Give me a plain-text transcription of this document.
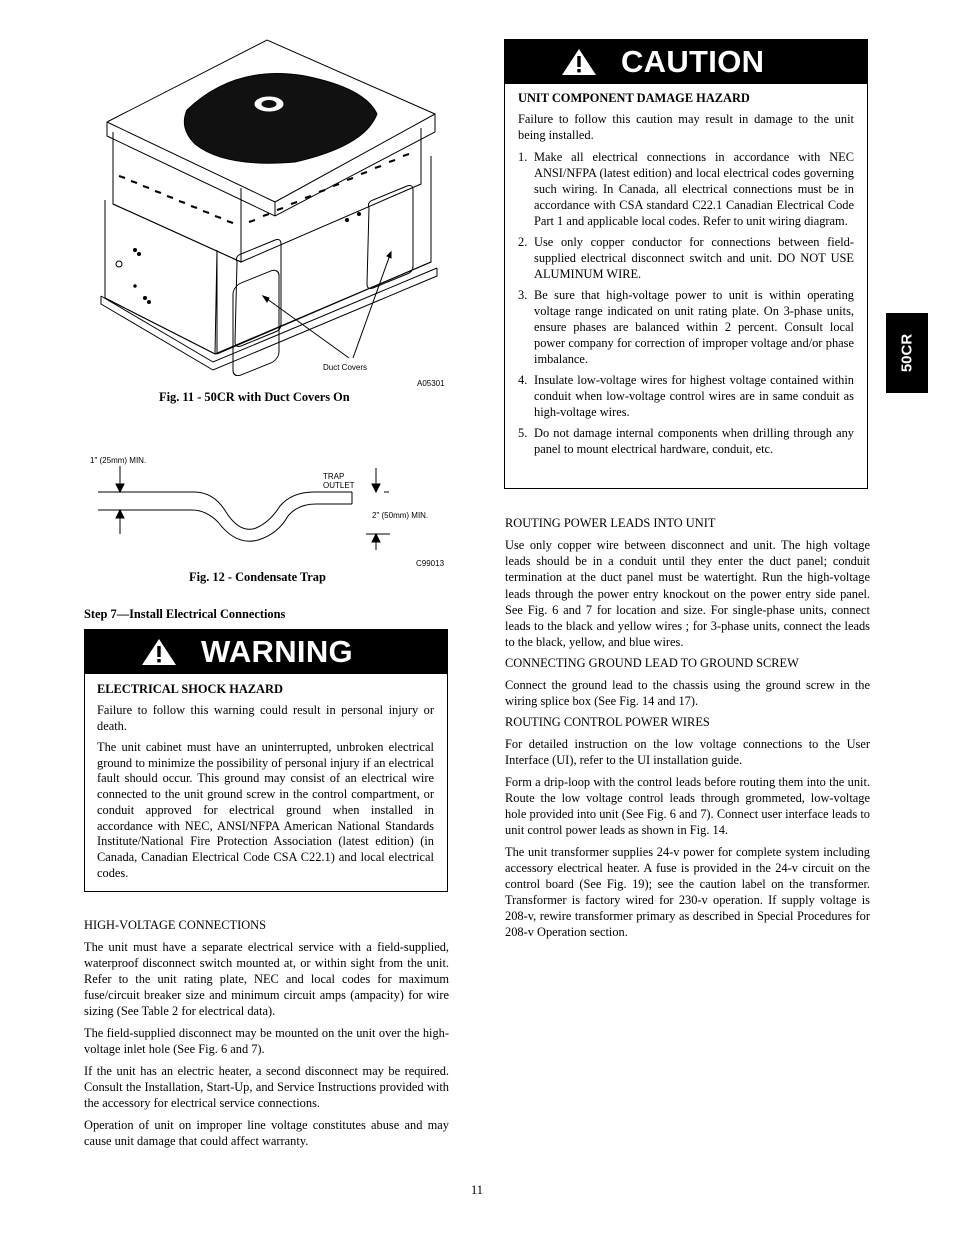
Duct Covers
A05301
Fig. 11 - 50CR with Duct Covers On
1" (25mm) MIN.
TRAP
OUTLET
2" (50mm) MIN.
C99013
Fig. 12 - Condensate Trap
Step 7—Install Electrical Connections
WARNING

ELECTRICAL SHOCK HAZARD

Failure to follow this warning could result in personal injury or death.

The unit cabinet must have an uninterrupted, unbroken electrical ground to minimize the possibility of personal injury if an electrical fault should occur. This ground may consist of an electrical wire connected to the unit ground screw in the control compartment, or conduit approved for electrical ground when installed in accordance with NEC, ANSI/NFPA American National Standards Institute/National Fire Protection Association (latest edition) (in Canada, Canadian Electrical Code CSA C22.1) and local electrical codes.

HIGH-VOLTAGE CONNECTIONS

The unit must have a separate electrical service with a field-supplied, waterproof disconnect switch mounted at, or within sight from the unit. Refer to the unit rating plate, NEC and local codes for maximum fuse/circuit breaker size and minimum circuit amps (ampacity) for wire sizing (See Table 2 for electrical data).

The field-supplied disconnect may be mounted on the unit over the high-voltage inlet hole (See Fig. 6 and 7).

If the unit has an electric heater, a second disconnect may be required. Consult the Installation, Start-Up, and Service Instructions provided with the accessory for electrical service connections.

Operation of unit on improper line voltage constitutes abuse and may cause unit damage that could affect warranty.

CAUTION

UNIT COMPONENT DAMAGE HAZARD

Failure to follow this caution may result in damage to the unit being installed.

1. Make all electrical connections in accordance with NEC ANSI/NFPA (latest edition) and local electrical codes governing such wiring. In Canada, all electrical connections must be in accordance with CSA standard C22.1 Canadian Electrical Code Part 1 and applicable local codes. Refer to unit wiring diagram.
2. Use only copper conductor for connections between field-supplied electrical disconnect switch and unit. DO NOT USE ALUMINUM WIRE.
3. Be sure that high-voltage power to unit is within operating voltage range indicated on unit rating plate. On 3-phase units, ensure phases are balanced within 2 percent. Consult local power company for correction of improper voltage and/or phase imbalance.
4. Insulate low-voltage wires for highest voltage contained within conduit when low-voltage control wires are in same conduit as high-voltage wires.
5. Do not damage internal components when drilling through any panel to mount electrical hardware, conduit, etc.

ROUTING POWER LEADS INTO UNIT

Use only copper wire between disconnect and unit. The high voltage leads should be in a conduit until they enter the duct panel; conduit termination at the duct panel must be watertight. Run the high-voltage leads through the power entry knockout on the power entry side panel. See Fig. 6 and 7 for location and size. For single-phase units, connect leads to the black and yellow wires ; for 3-phase units, connect the leads to the black, yellow, and blue wires.

CONNECTING GROUND LEAD TO GROUND SCREW

Connect the ground lead to the chassis using the ground screw in the wiring splice box (See Fig. 14 and 17).

ROUTING CONTROL POWER WIRES

For detailed instruction on the low voltage connections to the User Interface (UI), refer to the UI installation guide.

Form a drip-loop with the control leads before routing them into the unit. Route the low voltage control leads through grommeted, low-voltage hole provided into unit (See Fig. 6 and 7). Connect user interface leads to unit control power leads as shown in Fig. 14.

The unit transformer supplies 24-v power for complete system including accessory electrical heater. A fuse is provided in the 24-v circuit on the control board (See Fig. 19); see the caution label on the transformer. Transformer is factory wired for 230-v operation. If supply voltage is 208-v, rewire transformer primary as described in Special Procedures for 208-v Operation section.

50CR
11
